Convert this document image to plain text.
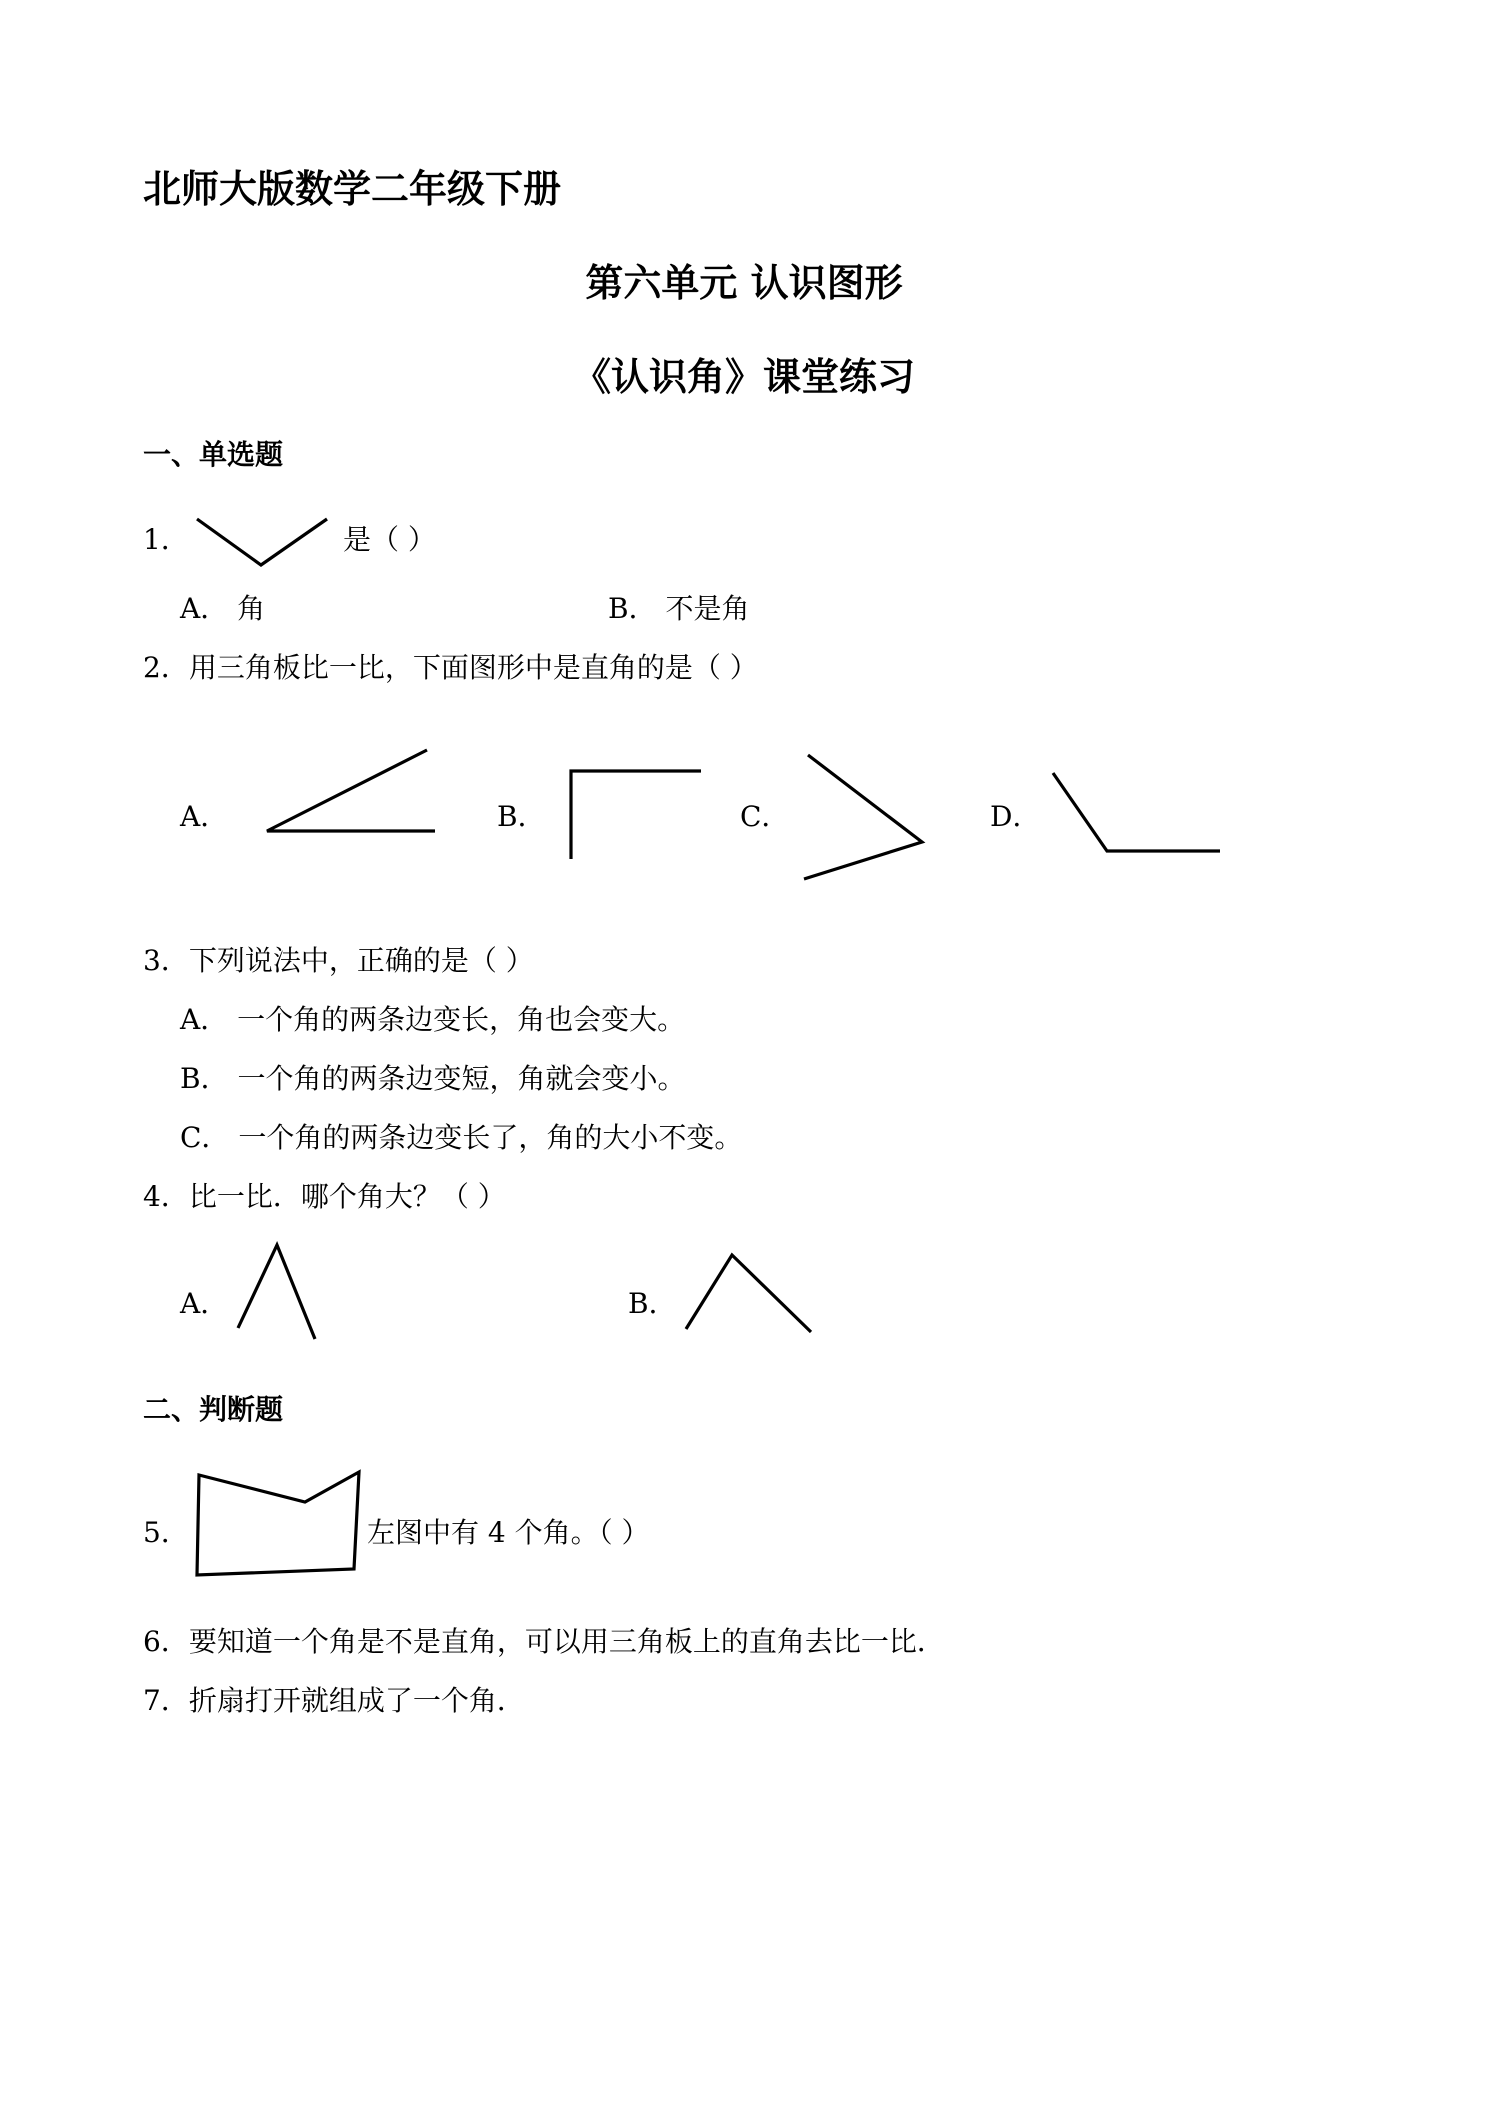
北师大版数学二年级下册
第六单元 认识图形
《认识角》课堂练习
一、单选题
1．	是（ ）
A． 角	B． 不是角
2．用三角板比一比，下面图形中是直角的是（ ）
A．	B．	C．	D．
3．下列说法中，正确的是（ ）
A． 一个角的两条边变长，角也会变大。
B． 一个角的两条边变短，角就会变小。
C． 一个角的两条边变长了，角的大小不变。
4．比一比．哪个角大？（ ）
A．	B．
二、判断题
5．	左图中有 4 个角。（ ）
6．要知道一个角是不是直角，可以用三角板上的直角去比一比．
7．折扇打开就组成了一个角．
